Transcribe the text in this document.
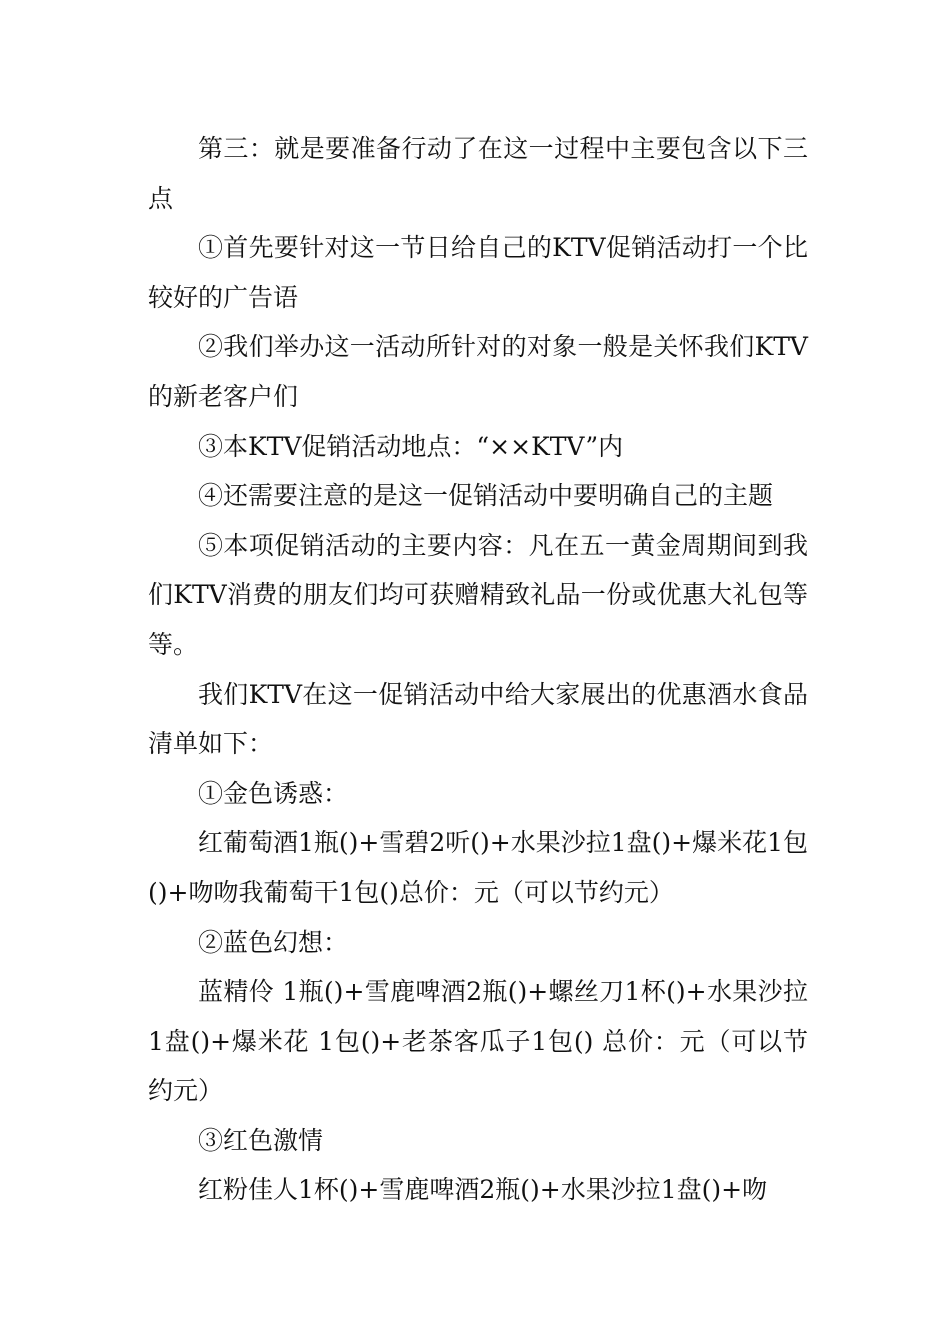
第三：就是要准备行动了在这一过程中主要包含以下三点

①首先要针对这一节日给自己的KTV促销活动打一个比较好的广告语

②我们举办这一活动所针对的对象一般是关怀我们KTV的新老客户们

③本KTV促销活动地点：“××KTV”内

④还需要注意的是这一促销活动中要明确自己的主题

⑤本项促销活动的主要内容：凡在五一黄金周期间到我们KTV消费的朋友们均可获赠精致礼品一份或优惠大礼包等等。

我们KTV在这一促销活动中给大家展出的优惠酒水食品清单如下：

①金色诱惑：

红葡萄酒1瓶()+雪碧2听()+水果沙拉1盘()+爆米花1包()+吻吻我葡萄干1包()总价：元（可以节约元）

②蓝色幻想：

蓝精伶 1瓶()+雪鹿啤酒2瓶()+螺丝刀1杯()+水果沙拉1盘()+爆米花 1包()+老茶客瓜子1包() 总价：元（可以节约元）

③红色激情

红粉佳人1杯()+雪鹿啤酒2瓶()+水果沙拉1盘()+吻
